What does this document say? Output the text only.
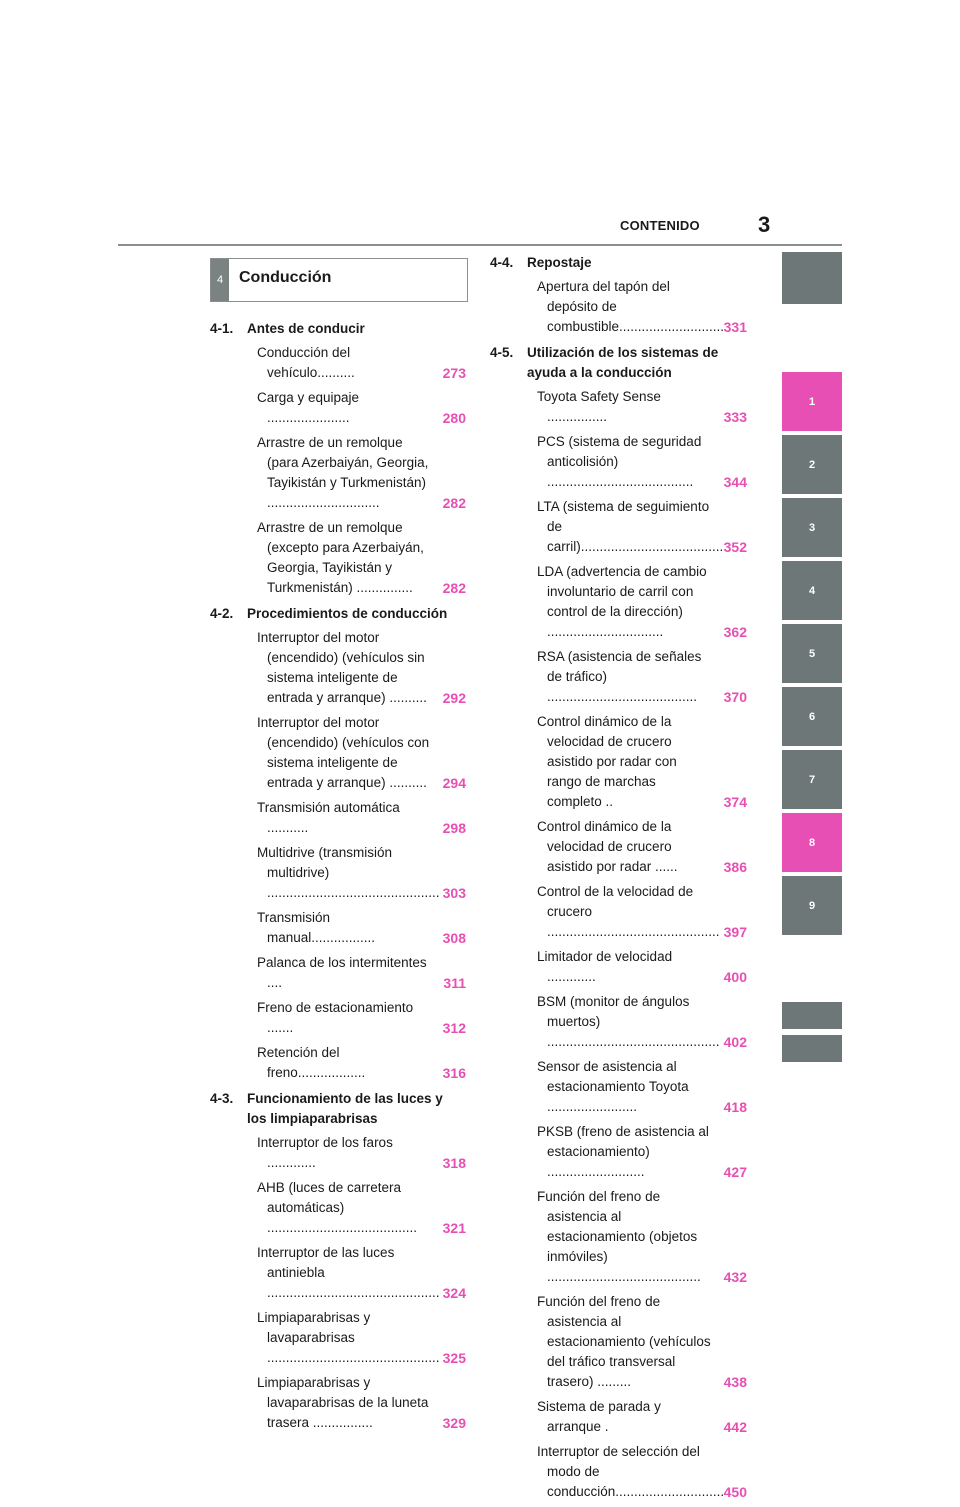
CONTENIDO	3
4 Conducción
4-1.	Antes de conducir
Conducción del vehículo..........	273
Carga y equipaje ......................	280
Arrastre de un remolque (para Azerbaiyán, Georgia, Tayikistán y Turkmenistán) ..............................	282
Arrastre de un remolque (excepto para Azerbaiyán, Georgia, Tayikistán y Turkmenistán) ...............	282
4-2.	Procedimientos de conducción
Interruptor del motor (encendido) (vehículos sin sistema inteligente de entrada y arranque) ..........	292
Interruptor del motor (encendido) (vehículos con sistema inteligente de entrada y arranque) ..........	294
Transmisión automática ...........	298
Multidrive (transmisión multidrive) .............................................. 303
Transmisión manual.................	308
Palanca de los intermitentes ....	311
Freno de estacionamiento .......	312
Retención del freno..................	316
4-3.	Funcionamiento de las luces y los limpiaparabrisas
Interruptor de los faros .............	318
AHB (luces de carretera automáticas) ........................................	321
Interruptor de las luces antiniebla .............................................. 324
Limpiaparabrisas y lavaparabrisas .............................................. 325
Limpiaparabrisas y lavaparabrisas de la luneta trasera ................	329
4-4.	Repostaje
Apertura del tapón del depósito de combustible............................ 331
4-5.	Utilización de los sistemas de ayuda a la conducción
Toyota Safety Sense ................	333
PCS (sistema de seguridad anticolisión) .......................................	344
LTA (sistema de seguimiento de carril)...................................... 352
LDA (advertencia de cambio involuntario de carril con control de la dirección) ...............................	362
RSA (asistencia de señales de tráfico) ........................................	370
Control dinámico de la velocidad de crucero asistido por radar con rango de marchas completo ..	374
Control dinámico de la velocidad de crucero asistido por radar ......	386
Control de la velocidad de crucero .............................................. 397
Limitador de velocidad .............	400
BSM (monitor de ángulos muertos) .............................................. 402
Sensor de asistencia al estacionamiento Toyota ........................	418
PKSB (freno de asistencia al estacionamiento) ..........................	427
Función del freno de asistencia al estacionamiento (objetos inmóviles) .........................................	432
Función del freno de asistencia al estacionamiento (vehículos del tráfico transversal trasero) .........	438
Sistema de parada y arranque .	442
Interruptor de selección del modo de conducción............................. 450
1
2
3
4
5
6
7
8
9
